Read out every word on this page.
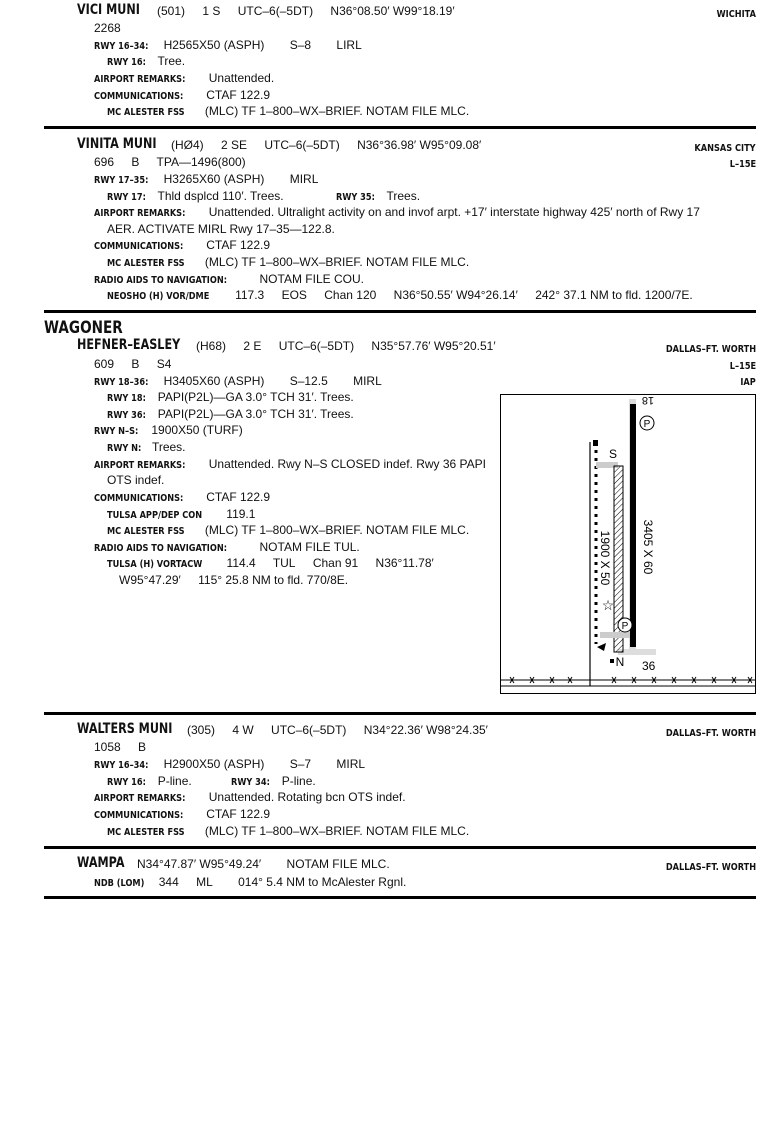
VICI MUNI	(501) 1 S UTC–6(–5DT) N36°08.50′ W99°18.19′	WICHITA
2268
RWY 16–34: H2565X50 (ASPH) S–8 LIRL
RWY 16: Tree.
AIRPORT REMARKS: Unattended.
COMMUNICATIONS: CTAF 122.9
MC ALESTER FSS (MLC) TF 1–800–WX–BRIEF. NOTAM FILE MLC.
VINITA MUNI	(HØ4) 2 SE UTC–6(–5DT) N36°36.98′ W95°09.08′	KANSAS CITY
L–15E
696 B TPA—1496(800)
RWY 17–35: H3265X60 (ASPH) MIRL
RWY 17: Thld dsplcd 110′. Trees.	RWY 35: Trees.
AIRPORT REMARKS: Unattended. Ultralight activity on and invof arpt. +17′ interstate highway 425′ north of Rwy 17
AER. ACTIVATE MIRL Rwy 17–35—122.8.
COMMUNICATIONS: CTAF 122.9
MC ALESTER FSS (MLC) TF 1–800–WX–BRIEF. NOTAM FILE MLC.
RADIO AIDS TO NAVIGATION:	NOTAM FILE COU.
NEOSHO (H) VOR/DME 117.3 EOS Chan 120 N36°50.55′ W94°26.14′ 242° 37.1 NM to fld. 1200/7E.
WAGONER
HEFNER–EASLEY	(H68) 2 E UTC–6(–5DT) N35°57.76′ W95°20.51′	DALLAS–FT. WORTH
L–15E
IAP
609 B S4
RWY 18–36: H3405X60 (ASPH) S–12.5 MIRL
RWY 18: PAPI(P2L)—GA 3.0° TCH 31′. Trees.
RWY 36: PAPI(P2L)—GA 3.0° TCH 31′. Trees.
RWY N–S: 1900X50 (TURF)
RWY N: Trees.
AIRPORT REMARKS: Unattended. Rwy N–S CLOSED indef. Rwy 36 PAPI
OTS indef.
COMMUNICATIONS: CTAF 122.9
TULSA APP/DEP CON 119.1
MC ALESTER FSS (MLC) TF 1–800–WX–BRIEF. NOTAM FILE MLC.
RADIO AIDS TO NAVIGATION:	NOTAM FILE TUL.
TULSA (H) VORTACW 114.4 TUL Chan 91 N36°11.78′
W95°47.29′ 115° 25.8 NM to fld. 770/8E.
P
P
☆
18
36
S
N
3405 X 60
1900 X 50
WALTERS MUNI	(305) 4 W UTC–6(–5DT) N34°22.36′ W98°24.35′	DALLAS–FT. WORTH
1058 B
RWY 16–34: H2900X50 (ASPH) S–7 MIRL
RWY 16: P-line.	RWY 34: P-line.
AIRPORT REMARKS: Unattended. Rotating bcn OTS indef.
COMMUNICATIONS: CTAF 122.9
MC ALESTER FSS (MLC) TF 1–800–WX–BRIEF. NOTAM FILE MLC.
WAMPA	N34°47.87′ W95°49.24′ NOTAM FILE MLC.	DALLAS–FT. WORTH
NDB (LOM) 344 ML 014° 5.4 NM to McAlester Rgnl.
